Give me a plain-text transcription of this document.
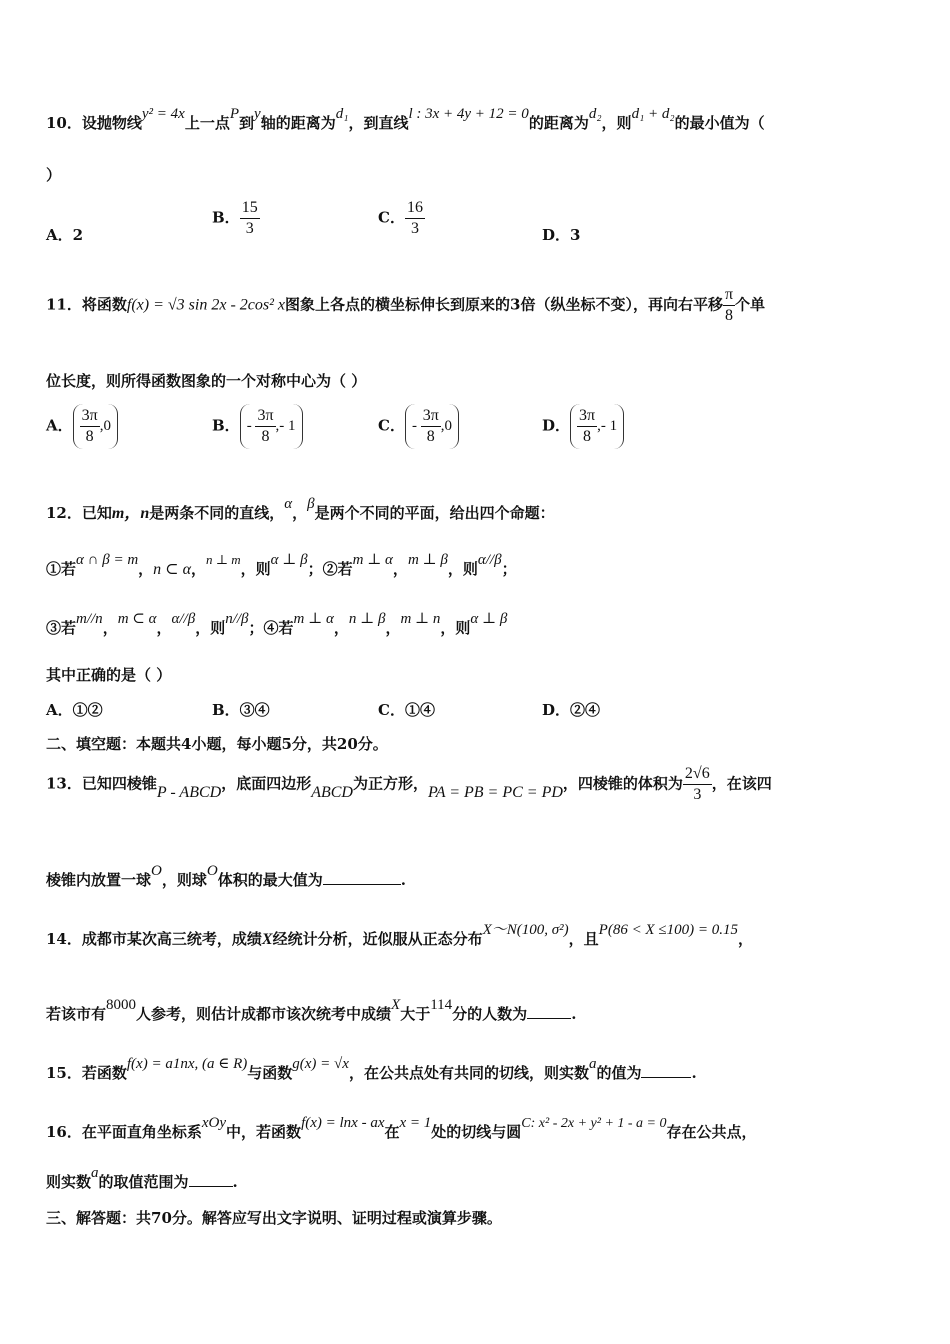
10．设抛物线y² = 4x上一点P到y轴的距离为d₁，到直线l : 3x + 4y + 12 = 0的距离为d₂，则d₁ + d₂的最小值为（
）
A．2
B． $\frac{15}{3}$	C． $\frac{16}{3}$	D．3
11．将函数f(x) = √3 sin 2x - 2cos² x图象上各点的横坐标伸长到原来的3倍（纵坐标不变），再向右平移 $\frac{\pi}{8}$ 个单
位长度，则所得函数图象的一个对称中心为（ ）
A． $\frac{3\pi}{8} ,0$	B． - $\frac{3\pi}{8}$ ,- 1	C． - $\frac{3\pi}{8} ,0$	D． $\frac{3\pi}{8}$ ,- 1
12．已知m，n是两条不同的直线，α，β是两个不同的平面，给出四个命题：
①若α ∩ β = m，n ⊂ α，n ⊥ m，则α ⊥ β；②若m ⊥ α，m ⊥ β，则α//β；
③若m//n，m ⊂ α，α//β，则n//β；④若m ⊥ α，n ⊥ β，m ⊥ n，则α ⊥ β
其中正确的是（ ）
A．①②	B．③④	C．①④	D．②④
二、填空题：本题共4小题，每小题5分，共20分。
13．已知四棱锥P - ABCD，底面四边形ABCD为正方形，PA = PB = PC = PD，四棱锥的体积为 $\frac{2√6}{3}$ ，在该四
棱锥内放置一球O，则球O体积的最大值为	.
14．成都市某次高三统考，成绩X经统计分析，近似服从正态分布X～N(100, σ²)，且P(86 < X ≤100) = 0.15，
若该市有8000人参考，则估计成都市该次统考中成绩X大于114分的人数为	.
15．若函数f(x) = a1nx, (a ∈ R)与函数g(x) = √x，在公共点处有共同的切线，则实数a的值为	.
16．在平面直角坐标系xOy中，若函数f(x) = lnx - ax在x = 1处的切线与圆C: x² - 2x + y² + 1 - a = 0存在公共点，
则实数a的取值范围为	.
三、解答题：共70分。解答应写出文字说明、证明过程或演算步骤。
